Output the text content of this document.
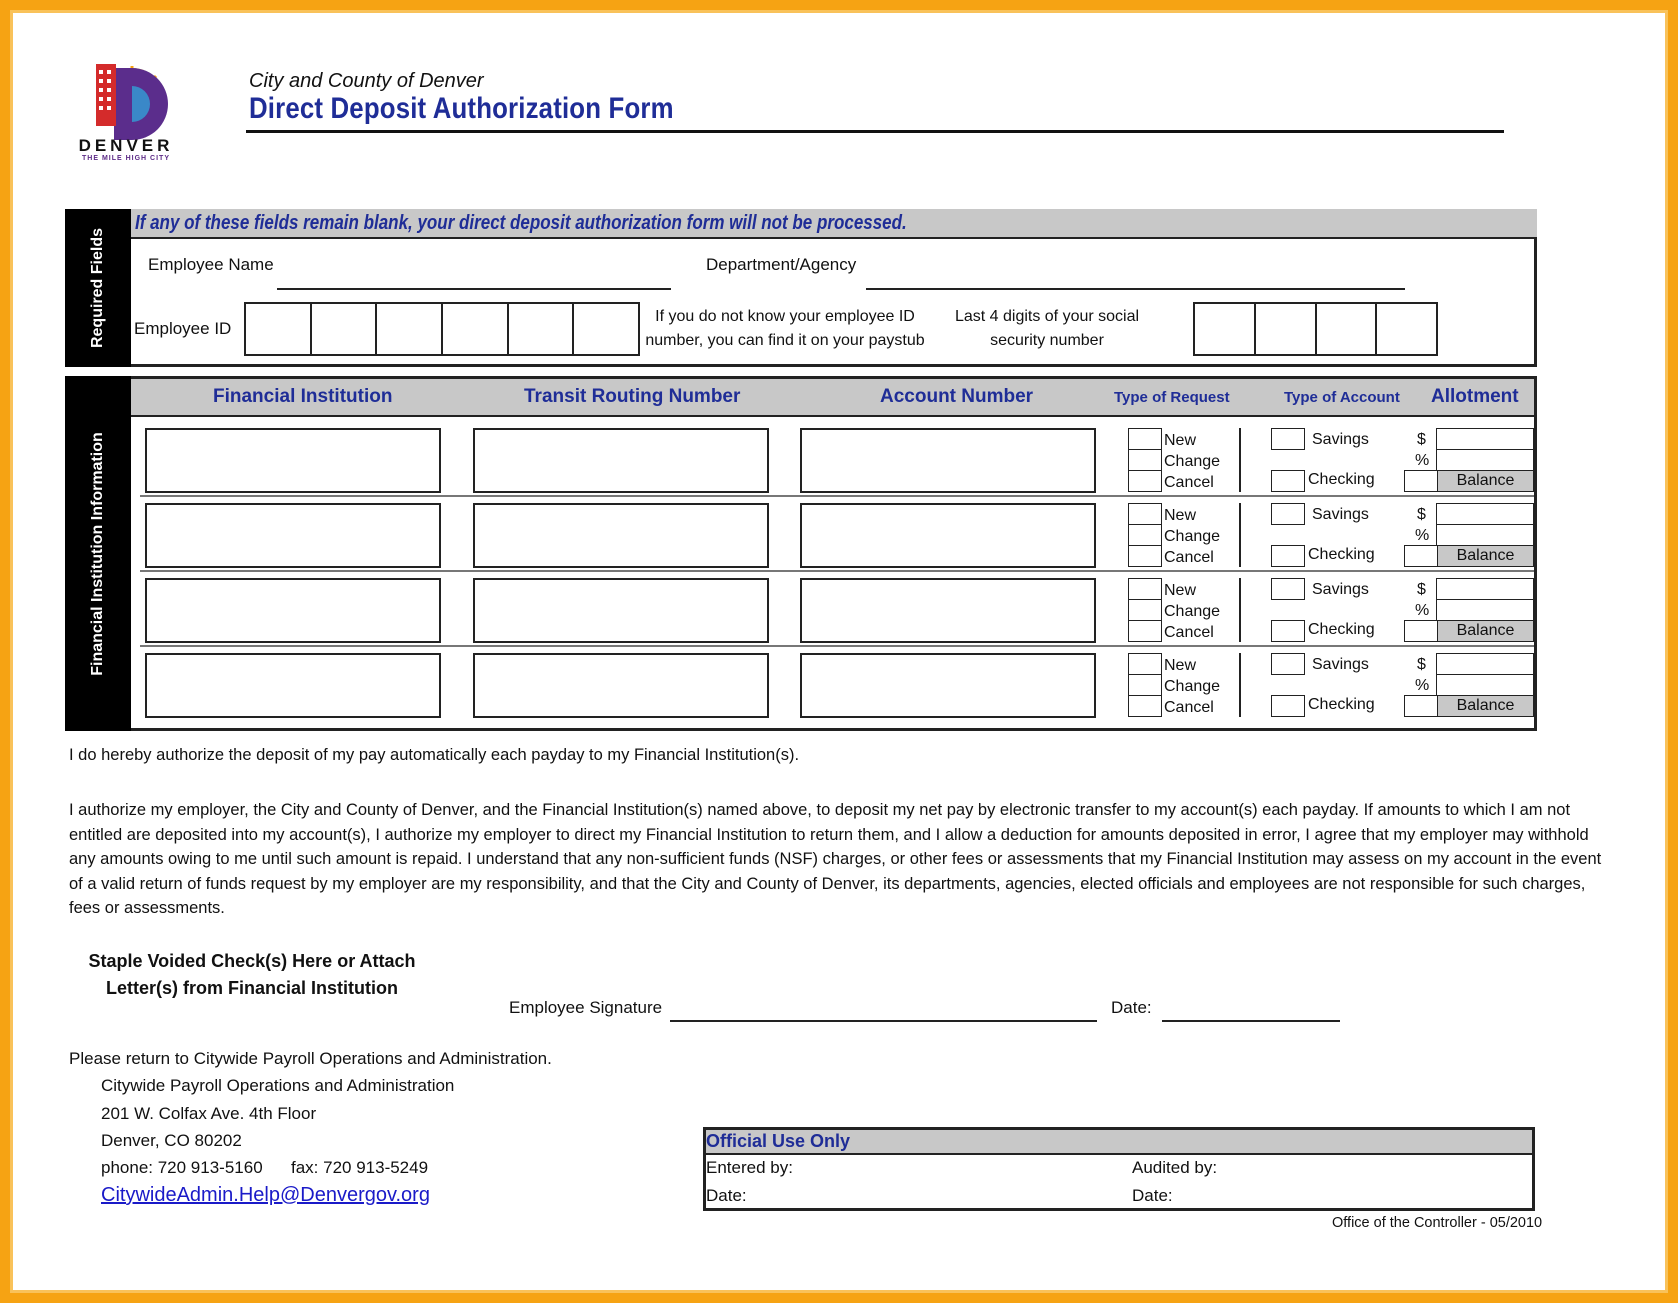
DENVER
THE MILE HIGH CITY
City and County of Denver
Direct Deposit Authorization Form
Required Fields
If any of these fields remain blank, your direct deposit authorization form will not be processed.
Employee Name	Department/Agency
Employee ID
If you do not know your employee ID
number, you can find it on your paystub
Last 4 digits of your social
security number
Financial Institution Information
Financial Institution	Transit Routing Number	Account Number	Type of Request	Type of Account Allotment
New
Change
Cancel
Savings
Checking
$
%
Balance
New
Change
Cancel
Savings
Checking
$
%
Balance
New
Change
Cancel
Savings
Checking
$
%
Balance
New
Change
Cancel
Savings
Checking
$
%
Balance
I do hereby authorize the deposit of my pay automatically each payday to my Financial Institution(s).
I authorize my employer, the City and County of Denver, and the Financial Institution(s) named above, to deposit my net pay by electronic transfer to my account(s) each payday. If amounts to which I am not
entitled are deposited into my account(s), I authorize my employer to direct my Financial Institution to return them, and I allow a deduction for amounts deposited in error, I agree that my employer may withhold
any amounts owing to me until such amount is repaid. I understand that any non-sufficient funds (NSF) charges, or other fees or assessments that my Financial Institution may assess on my account in the event
of a valid return of funds request by my employer are my responsibility, and that the City and County of Denver, its departments, agencies, elected officials and employees are not responsible for such charges,
fees or assessments.
Staple Voided Check(s) Here or Attach
Letter(s) from Financial Institution
Employee Signature	Date:
Please return to Citywide Payroll Operations and Administration.
Citywide Payroll Operations and Administration
201 W. Colfax Ave. 4th Floor
Denver, CO 80202
phone: 720 913-5160      fax: 720 913-5249
CitywideAdmin.Help@Denvergov.org
Official Use Only
Entered by:	Audited by:
Date:	Date:
Office of the Controller - 05/2010
